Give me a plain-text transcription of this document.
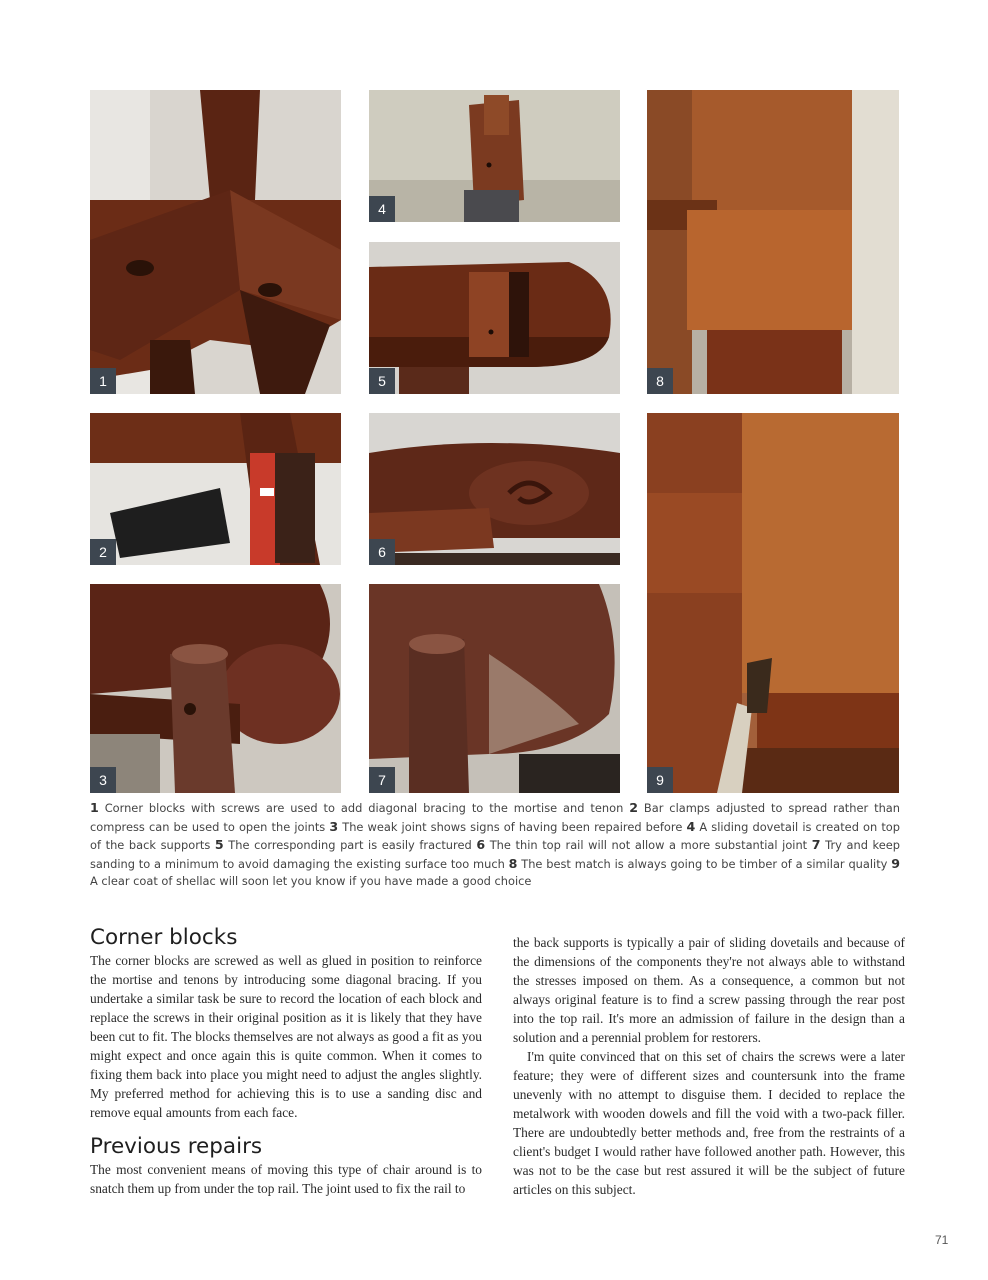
1
4
5	8
2	6
3	7	9
1 Corner blocks with screws are used to add diagonal bracing to the mortise and tenon 2 Bar clamps adjusted to spread rather than compress can be used to open the joints 3 The weak joint shows signs of having been repaired before 4 A sliding dovetail is created on top of the back supports 5 The corresponding part is easily fractured 6 The thin top rail will not allow a more substantial joint 7 Try and keep sanding to a minimum to avoid damaging the existing surface too much 8 The best match is always going to be timber of a similar quality 9 A clear coat of shellac will soon let you know if you have made a good choice
Corner blocks

The corner blocks are screwed as well as glued in position to reinforce the mortise and tenons by introducing some diagonal bracing. If you undertake a similar task be sure to record the location of each block and replace the screws in their original position as it is likely that they have been cut to fit. The blocks themselves are not always as good a fit as you might expect and once again this is quite common. When it comes to fixing them back into place you might need to adjust the angles slightly. My preferred method for achieving this is to use a sanding disc and remove equal amounts from each face.

Previous repairs

The most convenient means of moving this type of chair around is to snatch them up from under the top rail. The joint used to fix the rail to

the back supports is typically a pair of sliding dovetails and because of the dimensions of the components they're not always able to withstand the stresses imposed on them. As a consequence, a common but not always original feature is to find a screw passing through the rear post into the top rail. It's more an admission of failure in the design than a solution and a perennial problem for restorers.

I'm quite convinced that on this set of chairs the screws were a later feature; they were of different sizes and countersunk into the frame unevenly with no attempt to disguise them. I decided to replace the metalwork with wooden dowels and fill the void with a two-pack filler. There are undoubtedly better methods and, free from the restraints of a client's budget I would rather have followed another path. However, this was not to be the case but rest assured it will be the subject of future articles on this subject.

71
